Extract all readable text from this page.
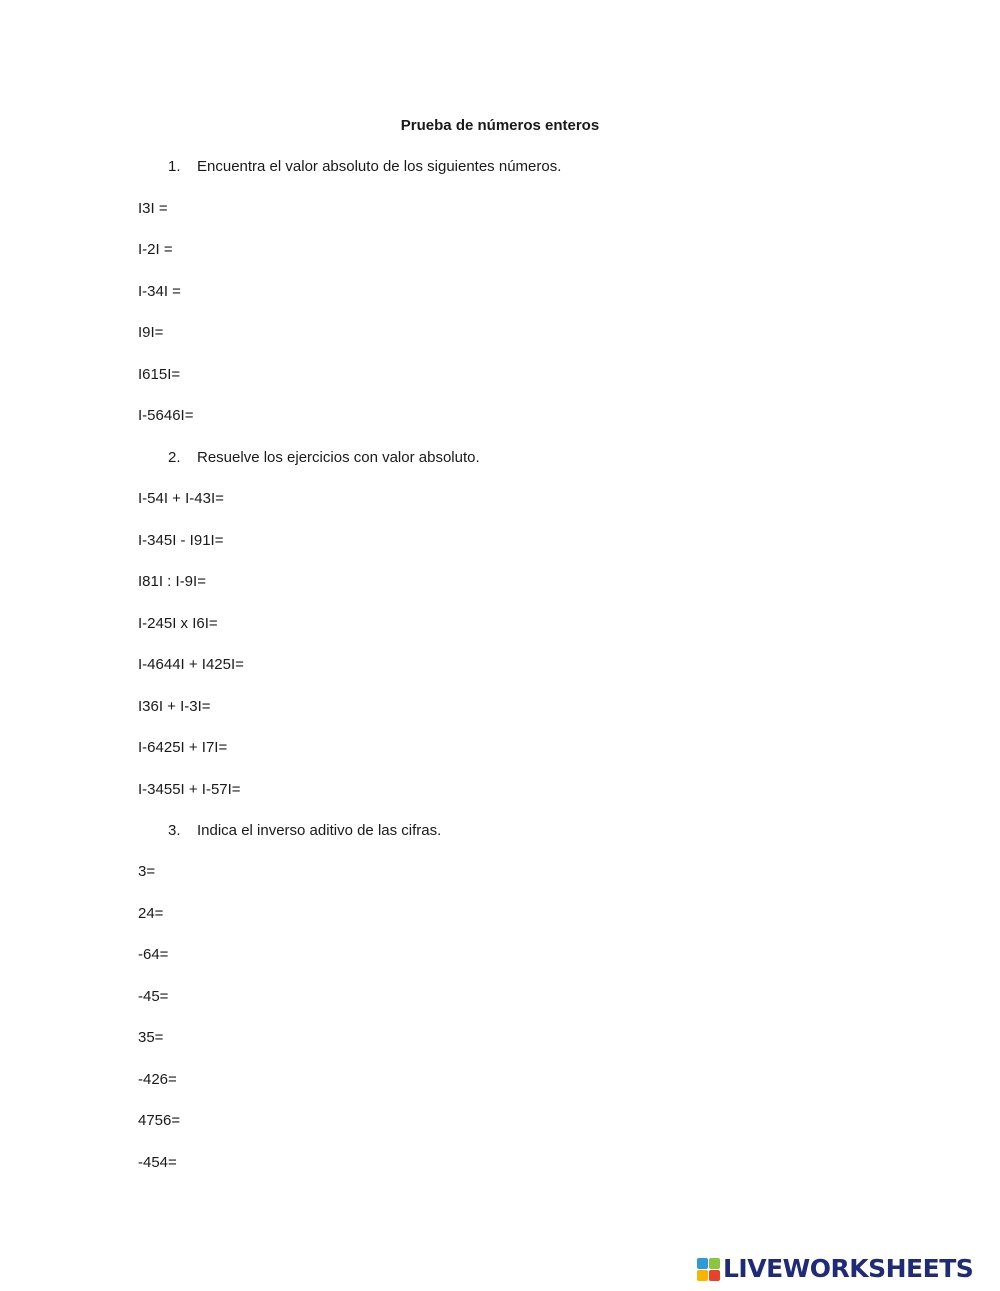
Prueba de números enteros
1. Encuentra el valor absoluto de los siguientes números.
I3I =
I-2I =
I-34I =
I9I=
I615I=
I-5646I=
2. Resuelve los ejercicios con valor absoluto.
I-54I + I-43I=
I-345I - I91I=
I81I : I-9I=
I-245I x I6I=
I-4644I + I425I=
I36I + I-3I=
I-6425I + I7I=
I-3455I + I-57I=
3. Indica el inverso aditivo de las cifras.
3=
24=
-64=
-45=
35=
-426=
4756=
-454=
LIVEWORKSHEETS
